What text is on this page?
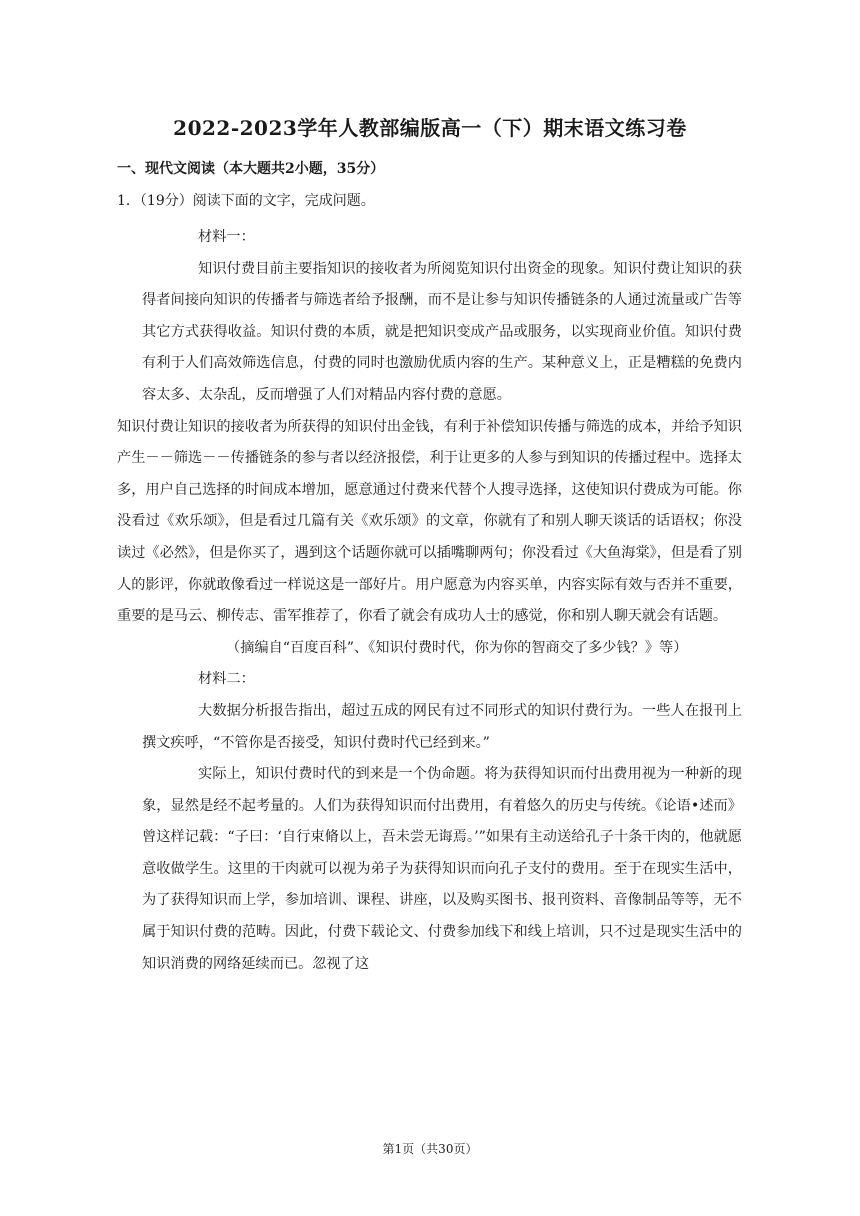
2022-2023学年人教部编版高一（下）期末语文练习卷
一、现代文阅读（本大题共2小题，35分）
1．（19分）阅读下面的文字，完成问题。

材料一：

知识付费目前主要指知识的接收者为所阅览知识付出资金的现象。知识付费让知识的获得者间接向知识的传播者与筛选者给予报酬，而不是让参与知识传播链条的人通过流量或广告等其它方式获得收益。知识付费的本质，就是把知识变成产品或服务，以实现商业价值。知识付费有利于人们高效筛选信息，付费的同时也激励优质内容的生产。某种意义上，正是糟糕的免费内容太多、太杂乱，反而增强了人们对精品内容付费的意愿。

知识付费让知识的接收者为所获得的知识付出金钱，有利于补偿知识传播与筛选的成本，并给予知识产生－－筛选－－传播链条的参与者以经济报偿，利于让更多的人参与到知识的传播过程中。选择太多，用户自己选择的时间成本增加，愿意通过付费来代替个人搜寻选择，这使知识付费成为可能。你没看过《欢乐颂》，但是看过几篇有关《欢乐颂》的文章，你就有了和别人聊天谈话的话语权；你没读过《必然》，但是你买了，遇到这个话题你就可以插嘴聊两句；你没看过《大鱼海棠》，但是看了别人的影评，你就敢像看过一样说这是一部好片。用户愿意为内容买单，内容实际有效与否并不重要，重要的是马云、柳传志、雷军推荐了，你看了就会有成功人士的感觉，你和别人聊天就会有话题。

（摘编自“百度百科”、《知识付费时代，你为你的智商交了多少钱？》等）

材料二：

大数据分析报告指出，超过五成的网民有过不同形式的知识付费行为。一些人在报刊上撰文疾呼，“不管你是否接受，知识付费时代已经到来。”

实际上，知识付费时代的到来是一个伪命题。将为获得知识而付出费用视为一种新的现象，显然是经不起考量的。人们为获得知识而付出费用，有着悠久的历史与传统。《论语•述而》曾这样记载：“子曰：‘自行束脩以上，吾未尝无诲焉。’”如果有主动送给孔子十条干肉的，他就愿意收做学生。这里的干肉就可以视为弟子为获得知识而向孔子支付的费用。至于在现实生活中，为了获得知识而上学，参加培训、课程、讲座，以及购买图书、报刊资料、音像制品等等，无不属于知识付费的范畴。因此，付费下载论文、付费参加线下和线上培训，只不过是现实生活中的知识消费的网络延续而已。忽视了这

第1页（共30页）
